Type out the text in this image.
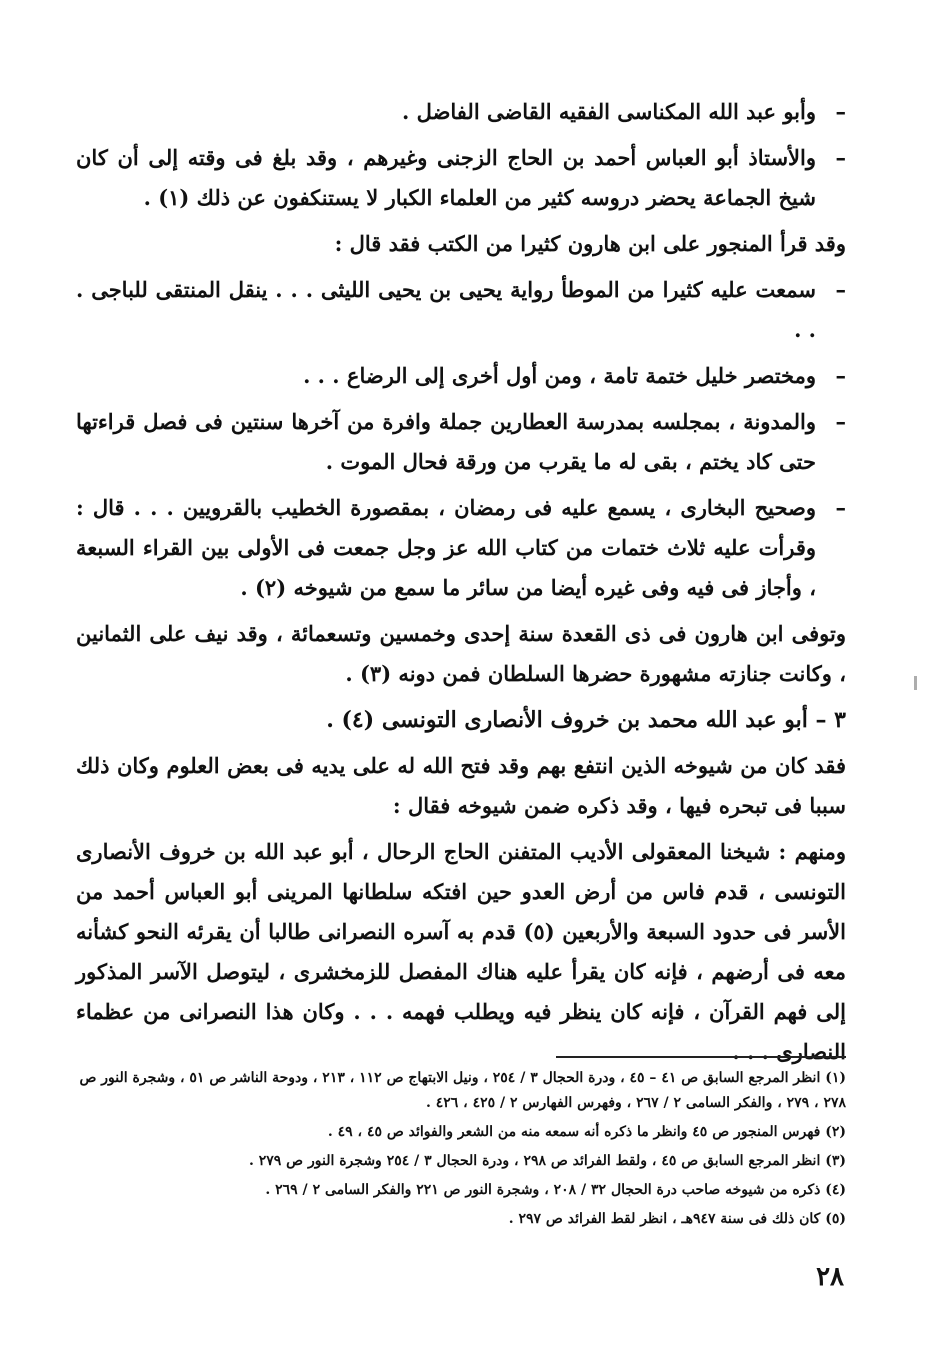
– وأبو عبد الله المكناسى الفقيه القاضى الفاضل .

– والأستاذ أبو العباس أحمد بن الحاج الزجنى وغيرهم ، وقد بلغ فى وقته إلى أن كان شيخ الجماعة يحضر دروسه كثير من العلماء الكبار لا يستنكفون عن ذلك (١) .

وقد قرأ المنجور على ابن هارون كثيرا من الكتب فقد قال :

– سمعت عليه كثيرا من الموطأ رواية يحيى بن يحيى الليثى . . . ينقل المنتقى للباجى . . .

– ومختصر خليل ختمة تامة ، ومن أول أخرى إلى الرضاع . . .

– والمدونة ، بمجلسه بمدرسة العطارين جملة وافرة من آخرها سنتين فى فصل قراءتها حتى كاد يختم ، بقى له ما يقرب من ورقة فحال الموت .

– وصحيح البخارى ، يسمع عليه فى رمضان ، بمقصورة الخطيب بالقرويين . . . قال : وقرأت عليه ثلاث ختمات من كتاب الله عز وجل جمعت فى الأولى بين القراء السبعة ، وأجاز فى فيه وفى غيره أيضا من سائر ما سمع من شيوخه (٢) .

وتوفى ابن هارون فى ذى القعدة سنة إحدى وخمسين وتسعمائة ، وقد نيف على الثمانين ، وكانت جنازته مشهورة حضرها السلطان فمن دونه (٣) .

٣ – أبو عبد الله محمد بن خروف الأنصارى التونسى (٤) .

فقد كان من شيوخه الذين انتفع بهم وقد فتح الله له على يديه فى بعض العلوم وكان ذلك سببا فى تبحره فيها ، وقد ذكره ضمن شيوخه فقال :

ومنهم : شيخنا المعقولى الأديب المتفنن الحاج الرحال ، أبو عبد الله بن خروف الأنصارى التونسى ، قدم فاس من أرض العدو حين افتكه سلطانها المرينى أبو العباس أحمد من الأسر فى حدود السبعة والأربعين (٥) قدم به آسره النصرانى طالبا أن يقرئه النحو كشأنه معه فى أرضهم ، فإنه كان يقرأ عليه هناك المفصل للزمخشرى ، ليتوصل الآسر المذكور إلى فهم القرآن ، فإنه كان ينظر فيه ويطلب فهمه . . . وكان هذا النصرانى من عظماء النصارى . . .

(١) انظر المرجع السابق ص ٤١ – ٤٥ ، ودرة الحجال ٣ / ٢٥٤ ، ونيل الابتهاج ص ١١٢ ، ٢١٣ ، ودوحة الناشر ص ٥١ ، وشجرة النور ص ٢٧٨ ، ٢٧٩ ، والفكر السامى ٢ / ٢٦٧ ، وفهرس الفهارس ٢ / ٤٢٥ ، ٤٢٦ .

(٢) فهرس المنجور ص ٤٥ وانظر ما ذكره أنه سمعه منه من الشعر والفوائد ص ٤٥ ، ٤٩ .

(٣) انظر المرجع السابق ص ٤٥ ، ولقط الفرائد ص ٢٩٨ ، ودرة الحجال ٣ / ٢٥٤ وشجرة النور ص ٢٧٩ .

(٤) ذكره من شيوخه صاحب درة الحجال ٣٢ / ٢٠٨ ، وشجرة النور ص ٢٢١ والفكر السامى ٢ / ٢٦٩ .

(٥) كان ذلك فى سنة ٩٤٧هـ ، انظر لقط الفرائد ص ٢٩٧ .

٢٨
